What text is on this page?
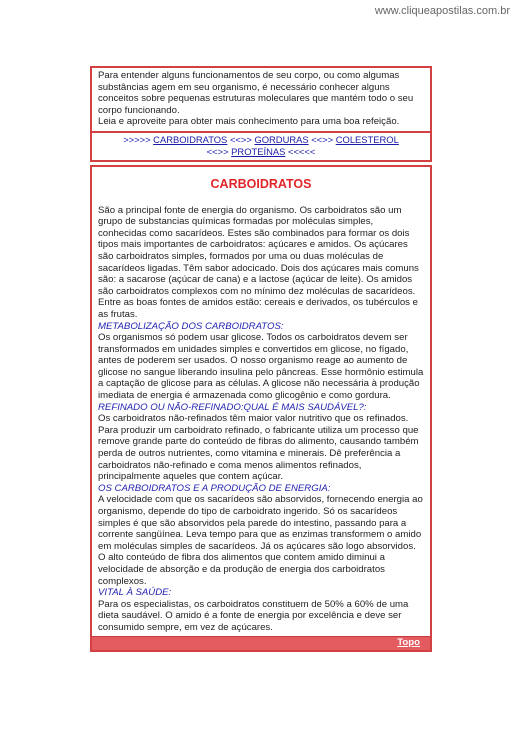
www.cliqueapostilas.com.br

Para entender alguns funcionamentos de seu corpo, ou como algumas substâncias agem em seu organismo, é necessário conhecer alguns conceitos sobre pequenas estruturas moleculares que mantém todo o seu corpo funcionando.

Leia e aproveite para obter mais conhecimento para uma boa refeição.

>>>>> CARBOIDRATOS <<>> GORDURAS <<>> COLESTEROL
<<>> PROTEÍNAS <<<<<
CARBOIDRATOS

São a principal fonte de energia do organismo. Os carboidratos são um grupo de substancias químicas formadas por moléculas simples, conhecidas como sacarídeos. Estes são combinados para formar os dois tipos mais importantes de carboidratos: açúcares e amidos. Os açúcares são carboidratos simples, formados por uma ou duas moléculas de sacarídeos ligadas. Têm sabor adocicado. Dois dos açúcares mais comuns são: a sacarose (açúcar de cana) e a lactose (açúcar de leite). Os amidos são carboidratos complexos com no mínimo dez moléculas de sacarídeos. Entre as boas fontes de amidos estão: cereais e derivados, os tubérculos e as frutas.

METABOLIZAÇÃO DOS CARBOIDRATOS:

Os organismos só podem usar glicose. Todos os carboidratos devem ser transformados em unidades simples e convertidos em glicose, no fígado, antes de poderem ser usados. O nosso organismo reage ao aumento de glicose no sangue liberando insulina pelo pâncreas. Esse hormônio estimula a captação de glicose para as células. A glicose não necessária à produção imediata de energia é armazenada como glicogênio e como gordura.

REFINADO OU NÃO-REFINADO:QUAL É MAIS SAUDÁVEL?:

Os carboidratos não-refinados têm maior valor nutritivo que os refinados. Para produzir um carboidrato refinado, o fabricante utiliza um processo que remove grande parte do conteúdo de fibras do alimento, causando também perda de outros nutrientes, como vitamina e minerais. Dê preferência a carboidratos não-refinado e coma menos alimentos refinados, principalmente aqueles que contem açúcar.

OS CARBOIDRATOS E A PRODUÇÃO DE ENERGIA:

A velocidade com que os sacarídeos são absorvidos, fornecendo energia ao organismo, depende do tipo de carboidrato ingerido. Só os sacarídeos simples é que são absorvidos pela parede do intestino, passando para a corrente sangüínea. Leva tempo para que as enzimas transformem o amido em moléculas simples de sacarídeos. Já os açúcares são logo absorvidos. O alto conteúdo de fibra dos alimentos que contem amido diminui a velocidade de absorção e da produção de energia dos carboidratos complexos.

VITAL À SAÚDE:

Para os especialistas, os carboidratos constituem de 50% a 60% de uma dieta saudável. O amido é a fonte de energia por excelência e deve ser consumido sempre, em vez de açúcares.

Topo
